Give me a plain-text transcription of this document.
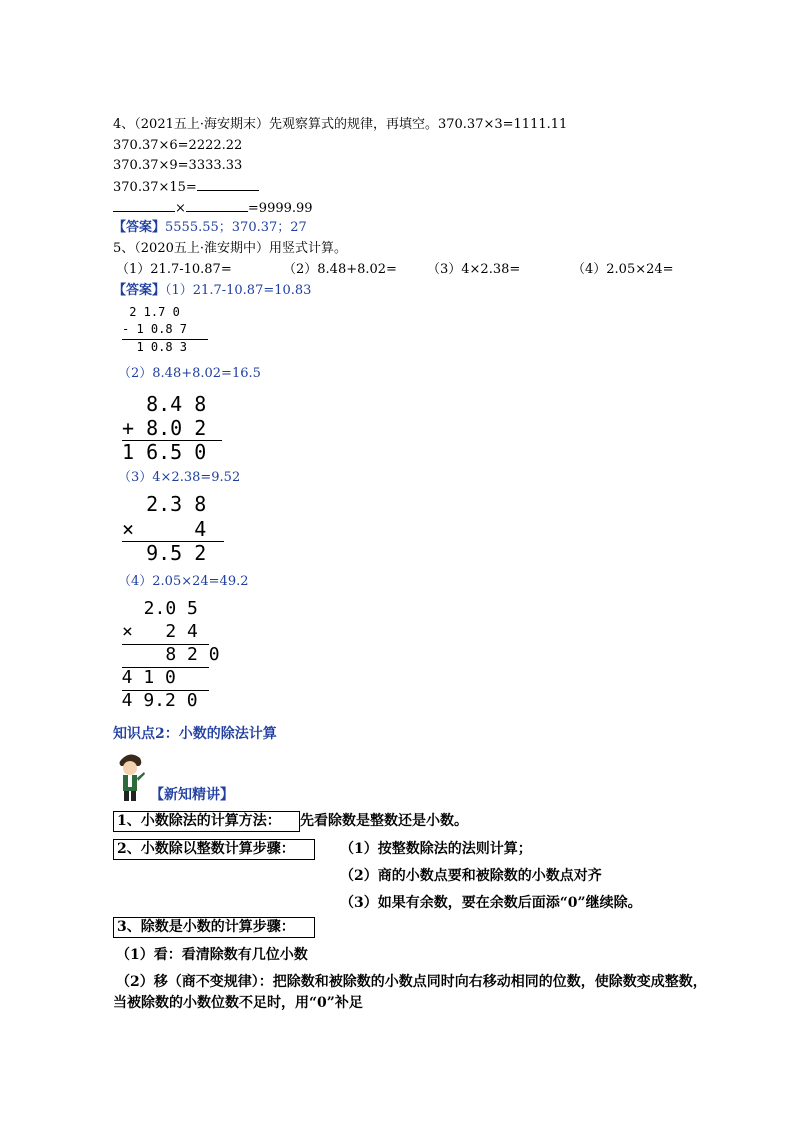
4、（2021五上·海安期末）先观察算式的规律，再填空。370.37×3=1111.11
370.37×6=2222.22
370.37×9=3333.33
370.37×15=
×	=9999.99
【答案】5555.55；370.37；27
5、（2020五上·淮安期中）用竖式计算。
（1）21.7-10.87=	（2）8.48+8.02= （3）4×2.38=	（4）2.05×24=
【答案】（1）21.7-10.87=10.83
2 1.7 0
- 1 0.8 7
1 0.8 3
（2）8.48+8.02=16.5
8.4 8
+ 8.0 2
1 6.5 0
（3）4×2.38=9.52
2.3 8
×     4
9.5 2
（4）2.05×24=49.2
2.0 5
×   2 4
8 2 0
4 1 0
4 9.2 0
知识点2：小数的除法计算
【新知精讲】
1、小数除法的计算方法：	先看除数是整数还是小数。
2、小数除以整数计算步骤：	（1）按整数除法的法则计算；
（2）商的小数点要和被除数的小数点对齐
（3）如果有余数，要在余数后面添“0”继续除。
3、除数是小数的计算步骤：
（1）看：看清除数有几位小数
（2）移（商不变规律）：把除数和被除数的小数点同时向右移动相同的位数，使除数变成整数，
当被除数的小数位数不足时，用“0”补足
